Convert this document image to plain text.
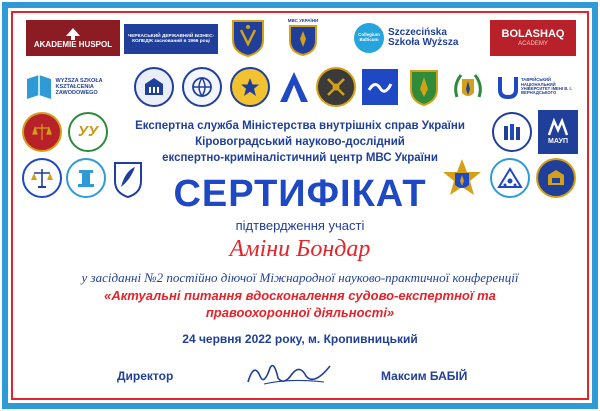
AKADEMIE HUSPOL
ЧЕРКАСЬКИЙ ДЕРЖАВНИЙ БІЗНЕС-КОЛЕДЖ заснований в 1966 році
МВС УКРАЇНИ
Collegium Balticum
Szczecińska Szkoła Wyższa
BOLASHAQ
ACADEMY
WYŻSZA SZKOŁA KSZTAŁCENIA ZAWODOWEGO
ТАВРІЙСЬКИЙ НАЦІОНАЛЬНИЙ УНІВЕРСИТЕТ ІМЕНІ В. І. ВЕРНАДСЬКОГО
УУ
МАУП
Експертна служба Міністерства внутрішніх справ України
Кіровоградський науково-дослідний
експертно-криміналістичний центр МВС України
СЕРТИФІКАТ
підтвердження участі
Аміни Бондар
у засіданні №2 постійно діючої Міжнародної науково-практичної конференції
«Актуальні питання вдосконалення судово-експертної та
правоохоронної діяльності»
24 червня 2022 року, м. Кропивницький
Директор	Максим БАБІЙ
